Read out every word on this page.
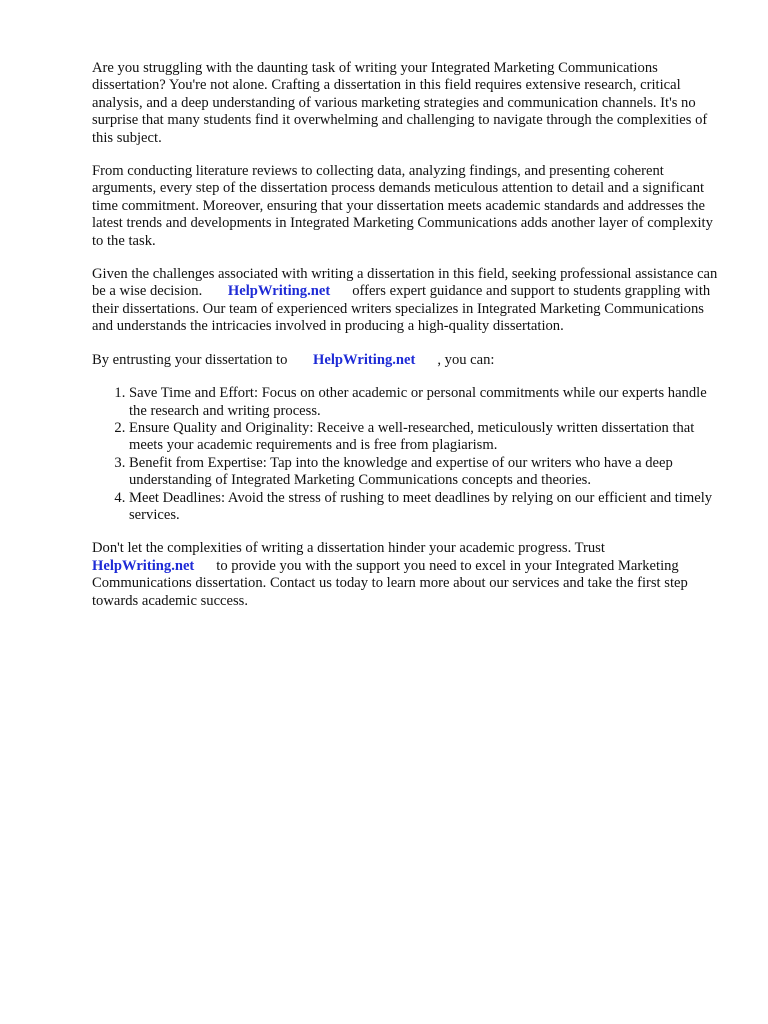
Are you struggling with the daunting task of writing your Integrated Marketing Communications dissertation? You're not alone. Crafting a dissertation in this field requires extensive research, critical analysis, and a deep understanding of various marketing strategies and communication channels. It's no surprise that many students find it overwhelming and challenging to navigate through the complexities of this subject.

From conducting literature reviews to collecting data, analyzing findings, and presenting coherent arguments, every step of the dissertation process demands meticulous attention to detail and a significant time commitment. Moreover, ensuring that your dissertation meets academic standards and addresses the latest trends and developments in Integrated Marketing Communications adds another layer of complexity to the task.

Given the challenges associated with writing a dissertation in this field, seeking professional assistance can be a wise decision. HelpWriting.net offers expert guidance and support to students grappling with their dissertations. Our team of experienced writers specializes in Integrated Marketing Communications and understands the intricacies involved in producing a high-quality dissertation.

By entrusting your dissertation to HelpWriting.net , you can:

1. Save Time and Effort: Focus on other academic or personal commitments while our experts handle the research and writing process.
2. Ensure Quality and Originality: Receive a well-researched, meticulously written dissertation that meets your academic requirements and is free from plagiarism.
3. Benefit from Expertise: Tap into the knowledge and expertise of our writers who have a deep understanding of Integrated Marketing Communications concepts and theories.
4. Meet Deadlines: Avoid the stress of rushing to meet deadlines by relying on our efficient and timely services.

Don't let the complexities of writing a dissertation hinder your academic progress. Trust
HelpWriting.net to provide you with the support you need to excel in your Integrated Marketing Communications dissertation. Contact us today to learn more about our services and take the first step towards academic success.
